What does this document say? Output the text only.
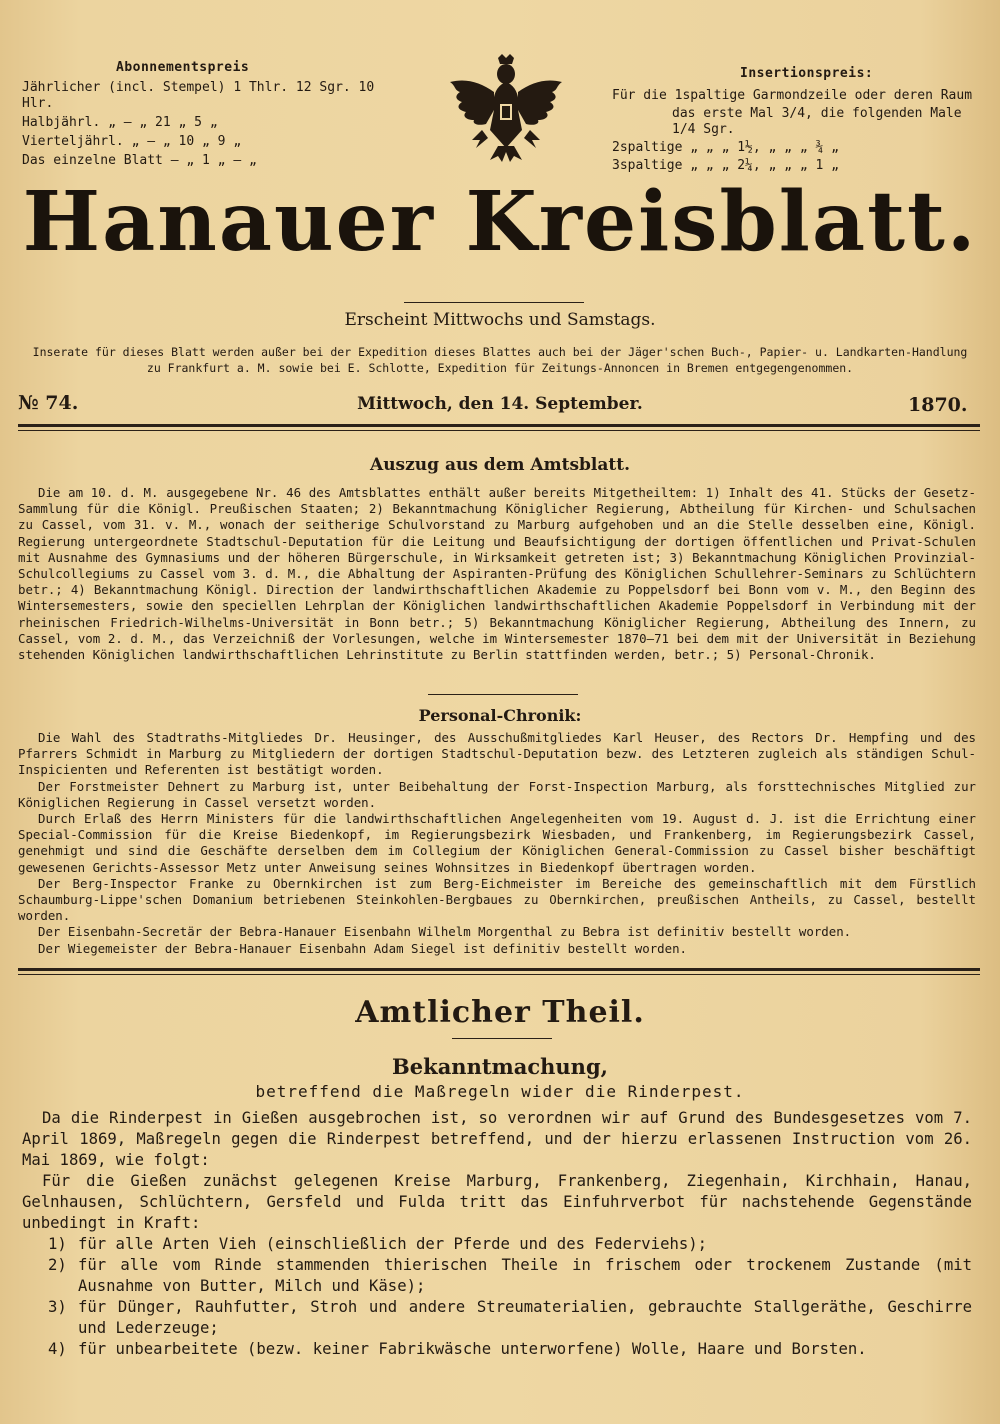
Abonnementspreis
Jährlicher (incl. Stempel) 1 Thlr. 12 Sgr. 10 Hlr.
Halbjährl. „ — „ 21 „ 5 „
Vierteljährl. „ — „ 10 „ 9 „
Das einzelne Blatt — „ 1 „ — „
Insertionspreis:
Für die 1spaltige Garmondzeile oder deren Raum
das erste Mal 3/4, die folgenden Male 1/4 Sgr.
2spaltige „ „ „ 1½, „ „ „ ¾ „
3spaltige „ „ „ 2¼, „ „ „ 1 „
Hanauer Kreisblatt.
Erscheint Mittwochs und Samstags.
Inserate für dieses Blatt werden außer bei der Expedition dieses Blattes auch bei der Jäger'schen Buch-, Papier- u. Landkarten-Handlung
zu Frankfurt a. M. sowie bei E. Schlotte, Expedition für Zeitungs-Annoncen in Bremen entgegengenommen.
№ 74.	Mittwoch, den 14. September.	1870.
Auszug aus dem Amtsblatt.

Die am 10. d. M. ausgegebene Nr. 46 des Amtsblattes enthält außer bereits Mitgetheiltem: 1) Inhalt des 41. Stücks der Gesetz-Sammlung für die Königl. Preußischen Staaten; 2) Bekanntmachung Königlicher Regierung, Abtheilung für Kirchen- und Schulsachen zu Cassel, vom 31. v. M., wonach der seitherige Schulvorstand zu Marburg aufgehoben und an die Stelle desselben eine, Königl. Regierung untergeordnete Stadtschul-Deputation für die Leitung und Beaufsichtigung der dortigen öffentlichen und Privat-Schulen mit Ausnahme des Gymnasiums und der höheren Bürgerschule, in Wirksamkeit getreten ist; 3) Bekanntmachung Königlichen Provinzial-Schulcollegiums zu Cassel vom 3. d. M., die Abhaltung der Aspiranten-Prüfung des Königlichen Schullehrer-Seminars zu Schlüchtern betr.; 4) Bekanntmachung Königl. Direction der landwirthschaftlichen Akademie zu Poppelsdorf bei Bonn vom v. M., den Beginn des Wintersemesters, sowie den speciellen Lehrplan der Königlichen landwirthschaftlichen Akademie Poppelsdorf in Verbindung mit der rheinischen Friedrich-Wilhelms-Universität in Bonn betr.; 5) Bekanntmachung Königlicher Regierung, Abtheilung des Innern, zu Cassel, vom 2. d. M., das Verzeichniß der Vorlesungen, welche im Wintersemester 1870—71 bei dem mit der Universität in Beziehung stehenden Königlichen landwirthschaftlichen Lehrinstitute zu Berlin stattfinden werden, betr.; 5) Personal-Chronik.

Personal-Chronik:

Die Wahl des Stadtraths-Mitgliedes Dr. Heusinger, des Ausschußmitgliedes Karl Heuser, des Rectors Dr. Hempfing und des Pfarrers Schmidt in Marburg zu Mitgliedern der dortigen Stadtschul-Deputation bezw. des Letzteren zugleich als ständigen Schul-Inspicienten und Referenten ist bestätigt worden.

Der Forstmeister Dehnert zu Marburg ist, unter Beibehaltung der Forst-Inspection Marburg, als forsttechnisches Mitglied zur Königlichen Regierung in Cassel versetzt worden.

Durch Erlaß des Herrn Ministers für die landwirthschaftlichen Angelegenheiten vom 19. August d. J. ist die Errichtung einer Special-Commission für die Kreise Biedenkopf, im Regierungsbezirk Wiesbaden, und Frankenberg, im Regierungsbezirk Cassel, genehmigt und sind die Geschäfte derselben dem im Collegium der Königlichen General-Commission zu Cassel bisher beschäftigt gewesenen Gerichts-Assessor Metz unter Anweisung seines Wohnsitzes in Biedenkopf übertragen worden.

Der Berg-Inspector Franke zu Obernkirchen ist zum Berg-Eichmeister im Bereiche des gemeinschaftlich mit dem Fürstlich Schaumburg-Lippe'schen Domanium betriebenen Steinkohlen-Bergbaues zu Obernkirchen, preußischen Antheils, zu Cassel, bestellt worden.

Der Eisenbahn-Secretär der Bebra-Hanauer Eisenbahn Wilhelm Morgenthal zu Bebra ist definitiv bestellt worden.

Der Wiegemeister der Bebra-Hanauer Eisenbahn Adam Siegel ist definitiv bestellt worden.

Amtlicher Theil.
Bekanntmachung,
betreffend die Maßregeln wider die Rinderpest.

Da die Rinderpest in Gießen ausgebrochen ist, so verordnen wir auf Grund des Bundesgesetzes vom 7. April 1869, Maßregeln gegen die Rinderpest betreffend, und der hierzu erlassenen Instruction vom 26. Mai 1869, wie folgt:

Für die Gießen zunächst gelegenen Kreise Marburg, Frankenberg, Ziegenhain, Kirchhain, Hanau, Gelnhausen, Schlüchtern, Gersfeld und Fulda tritt das Einfuhrverbot für nachstehende Gegenstände unbedingt in Kraft:

1) für alle Arten Vieh (einschließlich der Pferde und des Federviehs);
2) für alle vom Rinde stammenden thierischen Theile in frischem oder trockenem Zustande (mit Ausnahme von Butter, Milch und Käse);
3) für Dünger, Rauhfutter, Stroh und andere Streumaterialien, gebrauchte Stallgeräthe, Geschirre und Lederzeuge;
4) für unbearbeitete (bezw. keiner Fabrikwäsche unterworfene) Wolle, Haare und Borsten.
